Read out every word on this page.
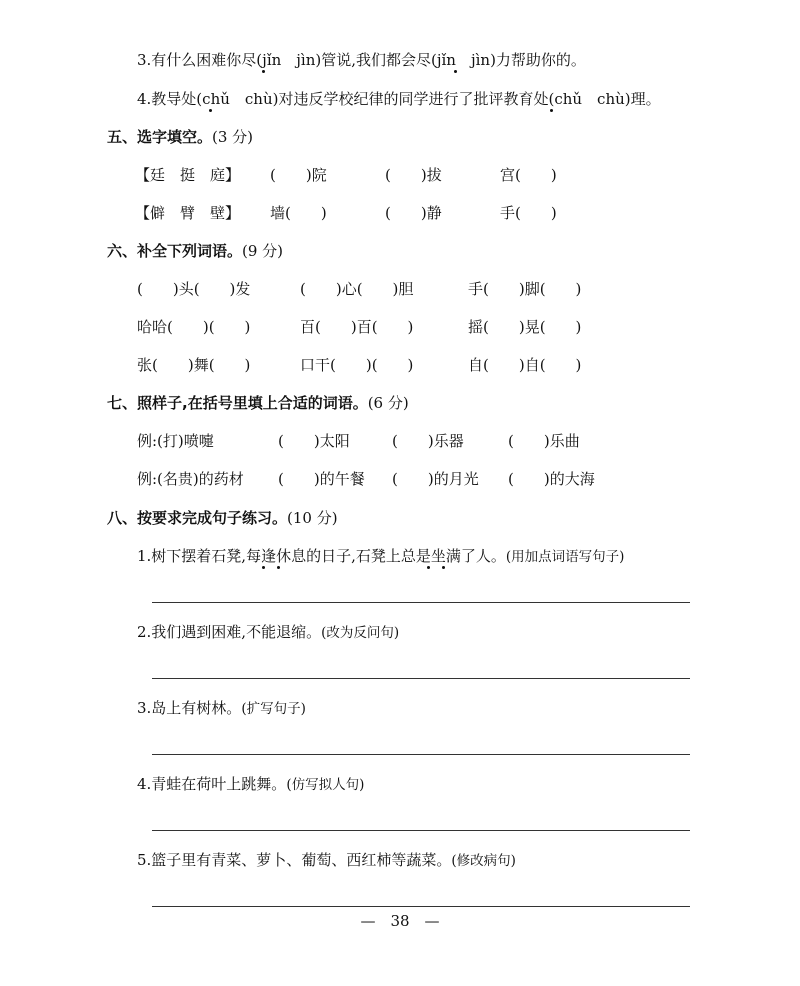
3.有什么困难你尽(jǐn　jìn)管说,我们都会尽(jǐn　jìn)力帮助你的。
4.教导处(chǔ　chù)对违反学校纪律的同学进行了批评教育处(chǔ　chù)理。
五、选字填空。(3 分)
【廷　挺　庭】 (　　)院	(　　)拔	宫(　　)
【僻　臂　壁】 墙(　　)	(　　)静	手(　　)
六、补全下列词语。(9 分)
(　　)头(　　)发	(　　)心(　　)胆	手(　　)脚(　　)
哈哈(　　)(　　)	百(　　)百(　　)	摇(　　)晃(　　)
张(　　)舞(　　)	口干(　　)(　　)	自(　　)自(　　)
七、照样子,在括号里填上合适的词语。(6 分)
例:(打)喷嚏	(　　)太阳	(　　)乐器	(　　)乐曲
例:(名贵)的药材 (　　)的午餐 (　　)的月光 (　　)的大海
八、按要求完成句子练习。(10 分)
1.树下摆着石凳,每逢休息的日子,石凳上总是坐满了人。(用加点词语写句子)
2.我们遇到困难,不能退缩。(改为反问句)
3.岛上有树林。(扩写句子)
4.青蛙在荷叶上跳舞。(仿写拟人句)
5.篮子里有青菜、萝卜、葡萄、西红柿等蔬菜。(修改病句)
—　38　—
